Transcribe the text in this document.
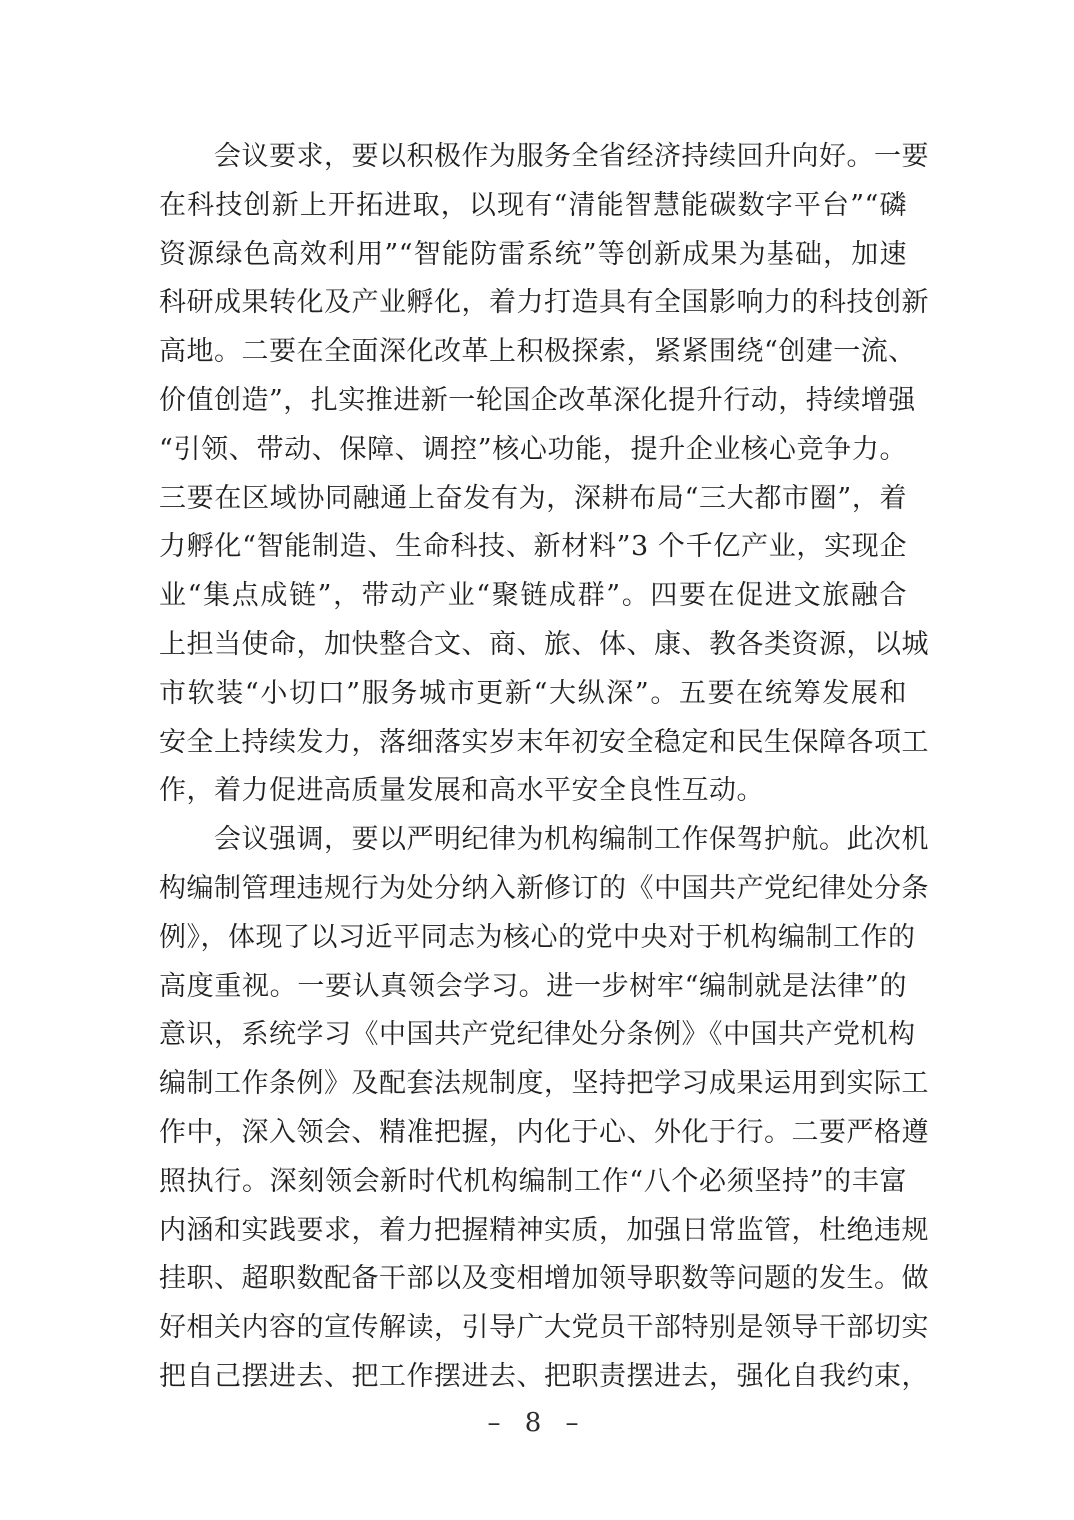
　　会议要求，要以积极作为服务全省经济持续回升向好。一要
在科技创新上开拓进取，以现有“清能智慧能碳数字平台”“磷
资源绿色高效利用”“智能防雷系统”等创新成果为基础，加速
科研成果转化及产业孵化，着力打造具有全国影响力的科技创新
高地。二要在全面深化改革上积极探索，紧紧围绕“创建一流、
价值创造”，扎实推进新一轮国企改革深化提升行动，持续增强
“引领、带动、保障、调控”核心功能，提升企业核心竞争力。
三要在区域协同融通上奋发有为，深耕布局“三大都市圈”，着
力孵化“智能制造、生命科技、新材料”3 个千亿产业，实现企
业“集点成链”，带动产业“聚链成群”。四要在促进文旅融合
上担当使命，加快整合文、商、旅、体、康、教各类资源，以城
市软装“小切口”服务城市更新“大纵深”。五要在统筹发展和
安全上持续发力，落细落实岁末年初安全稳定和民生保障各项工
作，着力促进高质量发展和高水平安全良性互动。
　　会议强调，要以严明纪律为机构编制工作保驾护航。此次机
构编制管理违规行为处分纳入新修订的《中国共产党纪律处分条
例》，体现了以习近平同志为核心的党中央对于机构编制工作的
高度重视。一要认真领会学习。进一步树牢“编制就是法律”的
意识，系统学习《中国共产党纪律处分条例》《中国共产党机构
编制工作条例》及配套法规制度，坚持把学习成果运用到实际工
作中，深入领会、精准把握，内化于心、外化于行。二要严格遵
照执行。深刻领会新时代机构编制工作“八个必须坚持”的丰富
内涵和实践要求，着力把握精神实质，加强日常监管，杜绝违规
挂职、超职数配备干部以及变相增加领导职数等问题的发生。做
好相关内容的宣传解读，引导广大党员干部特别是领导干部切实
把自己摆进去、把工作摆进去、把职责摆进去，强化自我约束，
– 8 –
